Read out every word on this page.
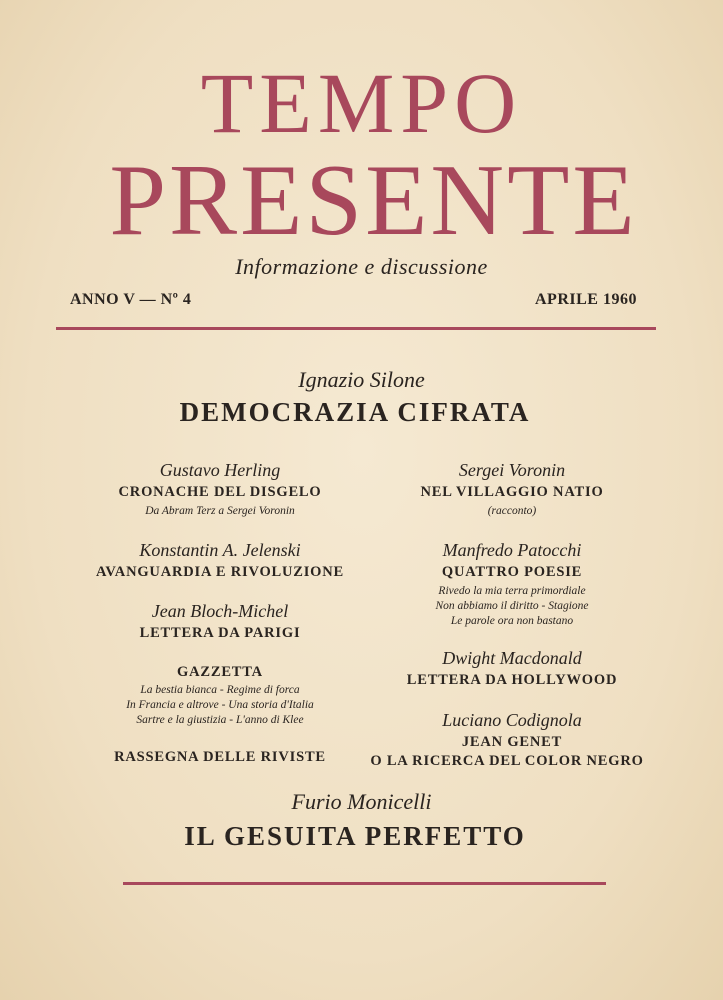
TEMPO
PRESENTE
Informazione e discussione
ANNO V — Nº 4	APRILE 1960
Ignazio Silone
DEMOCRAZIA CIFRATA
Gustavo Herling
CRONACHE DEL DISGELO
Da Abram Terz a Sergei Voronin
Konstantin A. Jelenski
AVANGUARDIA E RIVOLUZIONE
Jean Bloch-Michel
LETTERA DA PARIGI
GAZZETTA
La bestia bianca - Regime di forca
In Francia e altrove - Una storia d'Italia
Sartre e la giustizia - L'anno di Klee
RASSEGNA DELLE RIVISTE
Sergei Voronin
NEL VILLAGGIO NATIO
(racconto)
Manfredo Patocchi
QUATTRO POESIE
Rivedo la mia terra primordiale
Non abbiamo il diritto - Stagione
Le parole ora non bastano
Dwight Macdonald
LETTERA DA HOLLYWOOD
Luciano Codignola
JEAN GENET
O LA RICERCA DEL COLOR NEGRO
Furio Monicelli
IL GESUITA PERFETTO
